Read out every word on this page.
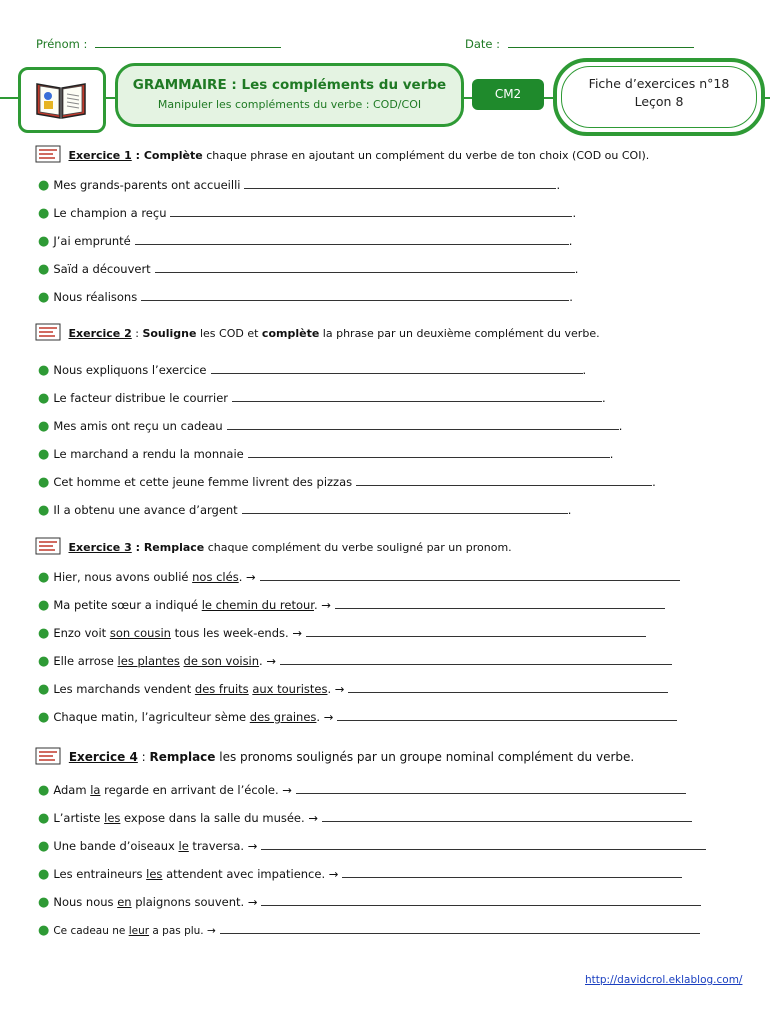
Prénom :	Date :
GRAMMAIRE : Les compléments du verbe
Manipuler les compléments du verbe : COD/COI
CM2
Fiche d’exercices n°18
Leçon 8
Exercice 1 : Complète chaque phrase en ajoutant un complément du verbe de ton choix (COD ou COI).
● Mes grands-parents ont accueilli	.
● Le champion a reçu	.
● J’ai emprunté	.
● Saïd a découvert	.
● Nous réalisons	.
Exercice 2 : Souligne les COD et complète la phrase par un deuxième complément du verbe.
● Nous expliquons l’exercice	.
● Le facteur distribue le courrier	.
● Mes amis ont reçu un cadeau	.
● Le marchand a rendu la monnaie	.
● Cet homme et cette jeune femme livrent des pizzas	.
● Il a obtenu une avance d’argent	.
Exercice 3 : Remplace chaque complément du verbe souligné par un pronom.
● Hier, nous avons oublié nos clés. →
● Ma petite sœur a indiqué le chemin du retour. →
● Enzo voit son cousin tous les week-ends. →
● Elle arrose les plantes de son voisin. →
● Les marchands vendent des fruits aux touristes. →
● Chaque matin, l’agriculteur sème des graines. →
Exercice 4 : Remplace les pronoms soulignés par un groupe nominal complément du verbe.
● Adam la regarde en arrivant de l’école. →
● L’artiste les expose dans la salle du musée. →
● Une bande d’oiseaux le traversa. →
● Les entraineurs les attendent avec impatience. →
● Nous nous en plaignons souvent. →
● Ce cadeau ne leur a pas plu. →
http://davidcrol.eklablog.com/
